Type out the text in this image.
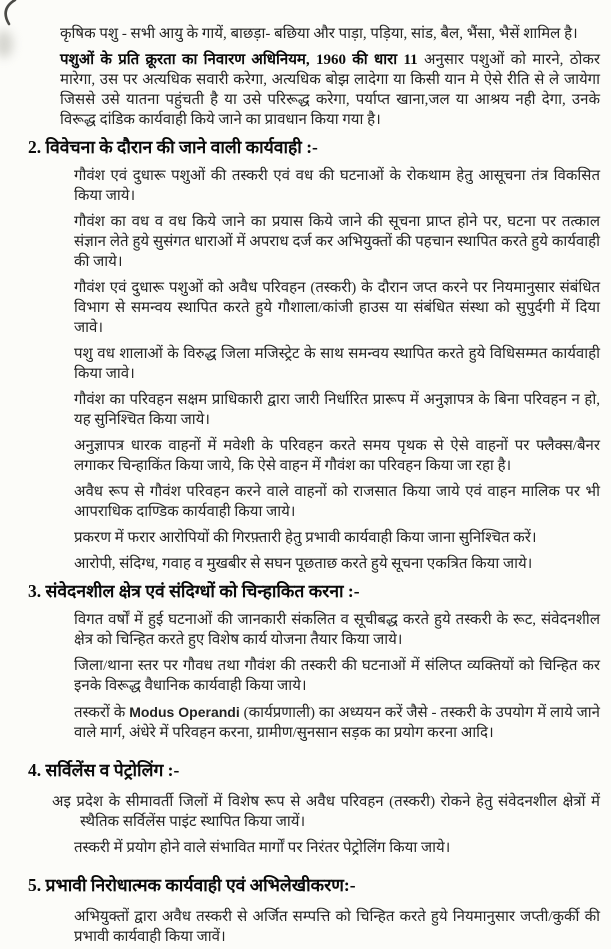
कृषिक पशु - सभी आयु के गायें, बाछड़ा- बछिया और पाड़ा, पड़िया, सांड, बैल, भैंसा, भैसें शामिल है।
पशुओं के प्रति क्रूरता का निवारण अधिनियम, 1960 की धारा 11 अनुसार पशुओं को मारने, ठोकर मारेगा, उस पर अत्यधिक सवारी करेगा, अत्यधिक बोझ लादेगा या किसी यान मे ऐसे रीति से ले जायेगा जिससे उसे यातना पहुंचती है या उसे परिरूद्ध करेगा, पर्याप्त खाना,जल या आश्रय नही देगा, उनके विरूद्ध दांडिक कार्यवाही किये जाने का प्रावधान किया गया है।
2. विवेचना के दौरान की जाने वाली कार्यवाही :-
गौवंश एवं दुधारू पशुओं की तस्करी एवं वध की घटनाओं के रोकथाम हेतु आसूचना तंत्र विकसित किया जाये।
गौवंश का वध व वध किये जाने का प्रयास किये जाने की सूचना प्राप्त होने पर, घटना पर तत्काल संज्ञान लेते हुये सुसंगत धाराओं में अपराध दर्ज कर अभियुक्तों की पहचान स्थापित करते हुये कार्यवाही की जाये।
गौवंश एवं दुधारू पशुओं को अवैध परिवहन (तस्करी) के दौरान जप्त करने पर नियमानुसार संबंधित विभाग से समन्वय स्थापित करते हुये गौशाला/कांजी हाउस या संबंधित संस्था को सुपुर्दगी में दिया जावे।
पशु वध शालाओं के विरुद्ध जिला मजिस्ट्रेट के साथ समन्वय स्थापित करते हुये विधिसम्मत कार्यवाही किया जावे।
गौवंश का परिवहन सक्षम प्राधिकारी द्वारा जारी निर्धारित प्रारूप में अनुज्ञापत्र के बिना परिवहन न हो, यह सुनिश्चित किया जाये।
अनुज्ञापत्र धारक वाहनों में मवेशी के परिवहन करते समय पृथक से ऐसे वाहनों पर फ्लैक्स/बैनर लगाकर चिन्हाकिंत किया जाये, कि ऐसे वाहन में गौवंश का परिवहन किया जा रहा है।
अवैध रूप से गौवंश परिवहन करने वाले वाहनों को राजसात किया जाये एवं वाहन मालिक पर भी आपराधिक दाण्डिक कार्यवाही किया जाये।
प्रकरण में फरार आरोपियों की गिरफ़्तारी हेतु प्रभावी कार्यवाही किया जाना सुनिश्चित करें।
आरोपी, संदिग्ध, गवाह व मुखबीर से सघन पूछताछ करते हुये सूचना एकत्रित किया जाये।
3. संवेदनशील क्षेत्र एवं संदिग्धों को चिन्हाकित करना :-
विगत वर्षों में हुई घटनाओं की जानकारी संकलित व सूचीबद्ध करते हुये तस्करी के रूट, संवेदनशील क्षेत्र को चिन्हित करते हुए विशेष कार्य योजना तैयार किया जाये।
जिला/थाना स्तर पर गौवध तथा गौवंश की तस्करी की घटनाओं में संलिप्त व्यक्तियों को चिन्हित कर इनके विरूद्ध वैधानिक कार्यवाही किया जाये।
तस्करों के Modus Operandi (कार्यप्रणाली) का अध्ययन करें जैसे - तस्करी के उपयोग में लाये जाने वाले मार्ग, अंधेरे में परिवहन करना, ग्रामीण/सुनसान सड़क का प्रयोग करना आदि।
4. सर्विलेंस व पेट्रोलिंग :-
अइ प्रदेश के सीमावर्ती जिलों में विशेष रूप से अवैध परिवहन (तस्करी) रोकने हेतु संवेदनशील क्षेत्रों में स्थैतिक सर्विलेंस पाइंट स्थापित किया जायें।
तस्करी में प्रयोग होने वाले संभावित मार्गों पर निरंतर पेट्रोलिंग किया जाये।
5. प्रभावी निरोधात्मक कार्यवाही एवं अभिलेखीकरण:-
अभियुक्तों द्वारा अवैध तस्करी से अर्जित सम्पत्ति को चिन्हित करते हुये नियमानुसार जप्ती/कुर्की की प्रभावी कार्यवाही किया जावें।
